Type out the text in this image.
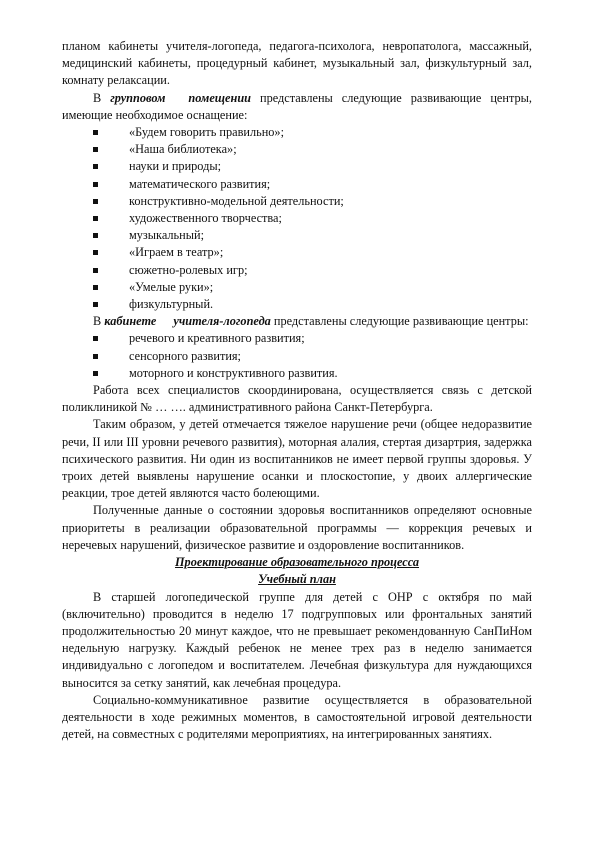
планом кабинеты учителя-логопеда, педагога-психолога, невропатолога, массажный, медицинский кабинеты, процедурный кабинет, музыкальный зал, физкультурный зал, комнату релаксации.

В групповом помещении представлены следующие развивающие центры, имеющие необходимое оснащение:

«Будем говорить правильно»;
«Наша библиотека»;
науки и природы;
математического развития;
конструктивно-модельной деятельности;
художественного творчества;
музыкальный;
«Играем в театр»;
сюжетно-ролевых игр;
«Умелые руки»;
физкультурный.

В кабинете учителя-логопеда представлены следующие развивающие центры:

речевого и креативного развития;
сенсорного развития;
моторного и конструктивного развития.

Работа всех специалистов скоординирована, осуществляется связь с детской поликлиникой № … …. административного района Санкт-Петербурга.

Таким образом, у детей отмечается тяжелое нарушение речи (общее недоразвитие речи, II или III уровни речевого развития), моторная алалия, стертая дизартрия, задержка психического развития. Ни один из воспитанников не имеет первой группы здоровья. У троих детей выявлены нарушение осанки и плоскостопие, у двоих аллергические реакции, трое детей являются часто болеющими.

Полученные данные о состоянии здоровья воспитанников определяют основные приоритеты в реализации образовательной программы — коррекция речевых и неречевых нарушений, физическое развитие и оздоровление воспитанников.

Проектирование образовательного процесса

Учебный план

В старшей логопедической группе для детей с ОНР с октября по май (включительно) проводится в неделю 17 подгрупповых или фронтальных занятий продолжительностью 20 минут каждое, что не превышает рекомендованную СанПиНом недельную нагрузку. Каждый ребенок не менее трех раз в неделю занимается индивидуально с логопедом и воспитателем. Лечебная физкультура для нуждающихся выносится за сетку занятий, как лечебная процедура.

Социально-коммуникативное развитие осуществляется в образовательной деятельности в ходе режимных моментов, в самостоятельной игровой деятельности детей, на совместных с родителями мероприятиях, на интегрированных занятиях.
